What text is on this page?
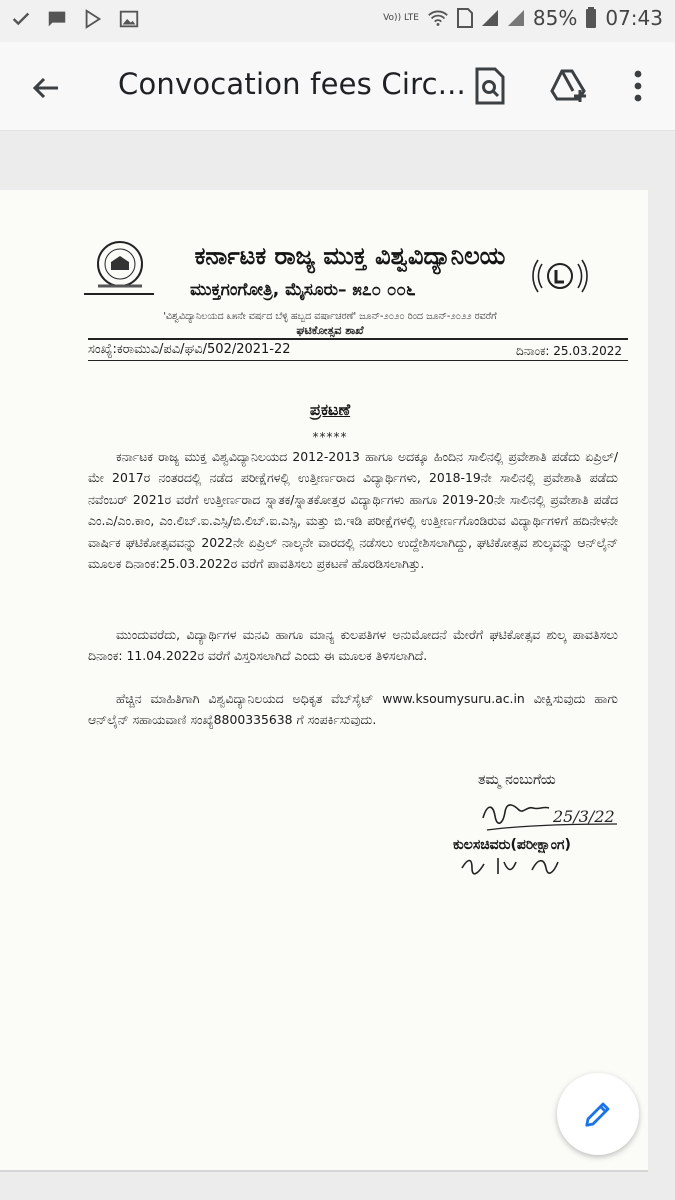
Vo)) LTE	85% 07:43
Convocation fees Circ...
ಕರ್ನಾಟಕ ರಾಜ್ಯ ಮುಕ್ತ ವಿಶ್ವವಿದ್ಯಾನಿಲಯ
ಮುಕ್ತಗಂಗೋತ್ರಿ, ಮೈಸೂರು– ೫೭೦ ೦೦೬
'ವಿಶ್ವವಿದ್ಯಾನಿಲಯದ ೩೫ನೇ ವರ್ಷದ ಬೆಳ್ಳಿ ಹಬ್ಬದ ವರ್ಷಾಚರಣೆ' ಜೂನ್-೨೦೨೦ ರಿಂದ ಜೂನ್-೨೦೨೨ ರವರೆಗೆ
ಘಟಿಕೋತ್ಸವ ಶಾಖೆ
ಸಂಖ್ಯೆ:ಕರಾಮುವಿ/ಪವಿ/ಘವಿ/502/2021-22	ದಿನಾಂಕ: 25.03.2022
ಪ್ರಕಟಣೆ
*****
ಕರ್ನಾಟಕ ರಾಜ್ಯ ಮುಕ್ತ ವಿಶ್ವವಿದ್ಯಾನಿಲಯದ 2012-2013 ಹಾಗೂ ಅದಕ್ಕೂ ಹಿಂದಿನ ಸಾಲಿನಲ್ಲಿ ಪ್ರವೇಶಾತಿ ಪಡೆದು ಏಪ್ರಿಲ್/ಮೇ 2017ರ ನಂತರದಲ್ಲಿ ನಡೆದ ಪರೀಕ್ಷೆಗಳಲ್ಲಿ ಉತ್ತೀರ್ಣರಾದ ವಿದ್ಯಾರ್ಥಿಗಳು, 2018-19ನೇ ಸಾಲಿನಲ್ಲಿ ಪ್ರವೇಶಾತಿ ಪಡೆದು ನವೆಂಬರ್ 2021ರ ವರೆಗೆ ಉತ್ತೀರ್ಣರಾದ ಸ್ನಾತಕ/ಸ್ನಾತಕೋತ್ತರ ವಿದ್ಯಾರ್ಥಿಗಳು ಹಾಗೂ 2019-20ನೇ ಸಾಲಿನಲ್ಲಿ ಪ್ರವೇಶಾತಿ ಪಡೆದ ಎಂ.ಎ/ಎಂ.ಕಾಂ, ಎಂ.ಲಿಬ್.ಐ.ಎಸ್ಸಿ/ಬಿ.ಲಿಬ್.ಐ.ಎಸ್ಸಿ, ಮತ್ತು ಬಿ.ಇಡಿ ಪರೀಕ್ಷೆಗಳಲ್ಲಿ ಉತ್ತೀರ್ಣಗೊಂಡಿರುವ ವಿದ್ಯಾರ್ಥಿಗಳಿಗೆ ಹದಿನೇಳನೇ ವಾರ್ಷಿಕ ಘಟಿಕೋತ್ಸವವನ್ನು 2022ನೇ ಏಪ್ರಿಲ್ ನಾಲ್ಕನೇ ವಾರದಲ್ಲಿ ನಡೆಸಲು ಉದ್ದೇಶಿಸಲಾಗಿದ್ದು, ಘಟಿಕೋತ್ಸವ ಶುಲ್ಕವನ್ನು ಆನ್‌ಲೈನ್ ಮೂಲಕ ದಿನಾಂಕ:25.03.2022ರ ವರೆಗೆ ಪಾವತಿಸಲು ಪ್ರಕಟಣೆ ಹೊರಡಿಸಲಾಗಿತ್ತು.
ಮುಂದುವರೆದು, ವಿದ್ಯಾರ್ಥಿಗಳ ಮನವಿ ಹಾಗೂ ಮಾನ್ಯ ಕುಲಪತಿಗಳ ಅನುಮೋದನೆ ಮೇರೆಗೆ ಘಟಿಕೋತ್ಸವ ಶುಲ್ಕ ಪಾವತಿಸಲು ದಿನಾಂಕ: 11.04.2022ರ ವರೆಗೆ ವಿಸ್ತರಿಸಲಾಗಿದೆ ಎಂದು ಈ ಮೂಲಕ ತಿಳಿಸಲಾಗಿದೆ.
ಹೆಚ್ಚಿನ ಮಾಹಿತಿಗಾಗಿ ವಿಶ್ವವಿದ್ಯಾನಿಲಯದ ಅಧಿಕೃತ ವೆಬ್‌ಸೈಟ್ www.ksoumysuru.ac.in ವೀಕ್ಷಿಸುವುದು ಹಾಗು ಆನ್‌ಲೈನ್ ಸಹಾಯವಾಣಿ ಸಂಖ್ಯೆ8800335638 ಗೆ ಸಂಪರ್ಕಿಸುವುದು.
ತಮ್ಮ ನಂಬುಗೆಯ
25/3/22
ಕುಲಸಚಿವರು(ಪರೀಕ್ಷಾಂಗ)
